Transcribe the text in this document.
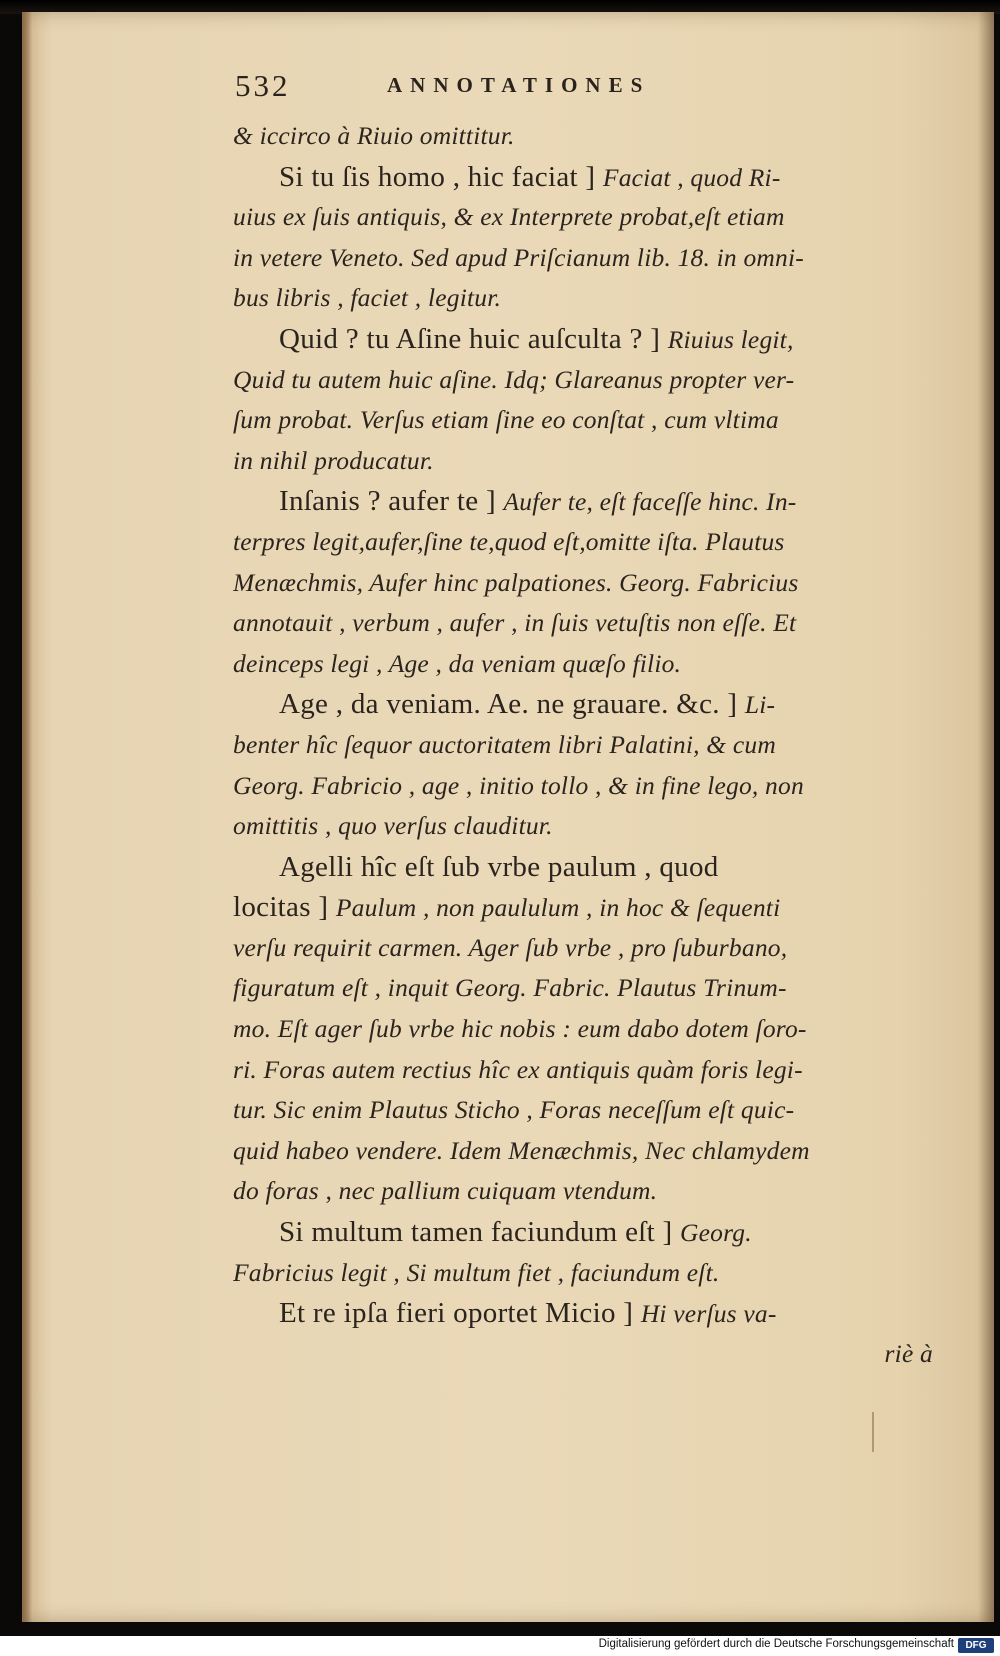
532	ANNOTATIONES
& iccirco à Riuio omittitur.
Si tu ſis homo , hic faciat ] Faciat , quod Ri-
uius ex ſuis antiquis, & ex Interprete probat,eſt etiam
in vetere Veneto. Sed apud Priſcianum lib. 18. in omni-
bus libris , faciet , legitur.
Quid ? tu Aſine huic auſculta ? ] Riuius legit,
Quid tu autem huic aſine. Idq; Glareanus propter ver-
ſum probat. Verſus etiam ſine eo conſtat , cum vltima
in nihil producatur.
Inſanis ? aufer te ] Aufer te, eſt faceſſe hinc. In-
terpres legit,aufer,ſine te,quod eſt,omitte iſta. Plautus
Menæchmis, Aufer hinc palpationes. Georg. Fabricius
annotauit , verbum , aufer , in ſuis vetuſtis non eſſe. Et
deinceps legi , Age , da veniam quæſo filio.
Age , da veniam. Ae. ne grauare. &c. ] Li-
benter hîc ſequor auctoritatem libri Palatini, & cum
Georg. Fabricio , age , initio tollo , & in fine lego, non
omittitis , quo verſus clauditur.
Agelli hîc eſt ſub vrbe paulum , quod
locitas ] Paulum , non paululum , in hoc & ſequenti
verſu requirit carmen. Ager ſub vrbe , pro ſuburbano,
figuratum eſt , inquit Georg. Fabric. Plautus Trinum-
mo. Eſt ager ſub vrbe hic nobis : eum dabo dotem ſoro-
ri. Foras autem rectius hîc ex antiquis quàm foris legi-
tur. Sic enim Plautus Sticho , Foras neceſſum eſt quic-
quid habeo vendere. Idem Menæchmis, Nec chlamydem
do foras , nec pallium cuiquam vtendum.
Si multum tamen faciundum eſt ] Georg.
Fabricius legit , Si multum fiet , faciundum eſt.
Et re ipſa fieri oportet Micio ] Hi verſus va-
riè à
Digitalisierung gefördert durch die Deutsche Forschungsgemeinschaft	DFG
